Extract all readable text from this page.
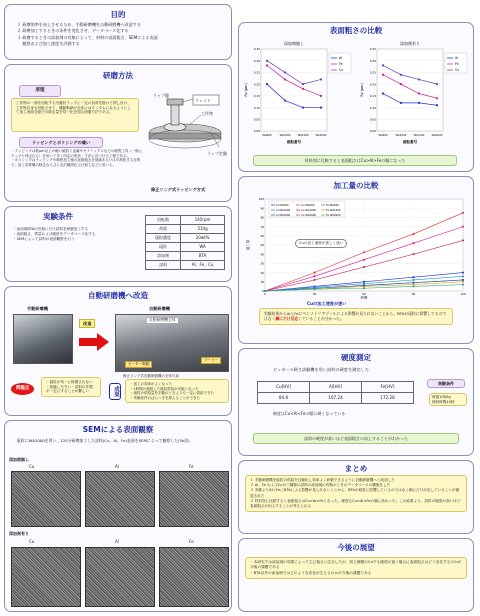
目的
１ 研磨効率を向上させるため、手動研磨機を自動研磨機へ改造する
２ 研磨加工するときの条件を変化させ、データベース化する
３ 研磨するときの添加剤の有無によって、材料の表面粗さ、SEMによる表面
　 観察および加工速度を評価する
研磨方法
原理
工作物の一面を回転する円盤状ラップに一定の負荷を掛けて押し付け、工作物自身も回転させて、運動軌跡が全体にはランダムになるようにして加工表面全面での除去量を均一化を図る研磨方法である。
ウェイト
工作物
ラップ盤
ラップ定盤
ラッピングとポリシングの違い
・ラッピングは数μm以上の硬い砥粒と金属やセラミックスなどの硬質工具（一般にラップと呼ばれる）を用いて早く所定の形状・寸法に近づける工程である。
・ポリシングはラッピングや精密加工後の表面粗さを低減あるいは平滑化する目的で、加工変質層の除去ならびに光沢鏡面仕上げ加工などに用いる。
修正リング式ラッピング方式
実験条件
・添加剤BTAの有無にだけ試料を研磨加工する
・表面粗さ、質量および硬度をデータベース化する
・SEMによって試料の表面観察を行う
回転数	145rpm
荷重	510g
砥粒濃度	20wt%
砥粒	WA
添加剤	BTA
試料	Al、Fe、Cu
自動研磨機へ改造
手動研磨機	自動研磨機
改造
自動研磨機全体
モーター駆動
プーリー
修正リング式自動研磨機の全体写真
問題点
・砥粒が均一に研磨されない
・乾燥しやすい・試料の作製が一定にすることが難しい	成果
・加工の効率がよくなった
・1時間の連続した砥粒供給が可能となった
・砥粒の供給量を手動のときよりも一定に供給できた
・実験条件のばらつきを抑えることができた
SEMによる表面観察
　砥粒にWA2000を用い、120分研磨加工した試料(Cu、Al、Fe)表面をSEMによって観察した(5k倍)
添加剤無し
Cu	Al	Fe
添加剤有り
Cu	Al	Fe
表面粗さの比較
添加剤無し
0.00
0.05
0.10
0.15
0.20
0.25
0.30
0.35
WA600	WA1000	WA1500	WA2000
砥粒番号
Ra (μm)
Al
Fe
Cu
添加剤有り
0.00
0.05
0.10
0.15
0.20
0.25
0.30
0.35
WA600	WA1000	WA1500	WA2000
砥粒番号
Ra (μm)
Al
Fe
Cu
材料別に比較すると表面粗さはCu>Al>Feの順になった
加工量の比較
0
10
20
30
40
50
60
70
80
90
100
0	30	60	90	120
加工量
時間
Al WA600	Cu WA600	Fe WA600
Al WA1000	Cu WA1000	Fe WA1000
Al WA2000	Cu WA2000	Fe WA2000
Cuの加工速度が著しく速い
Cuの加工速度が速い
実験結果からAlとFeにペンソトリアゾールによる影響が見られないことから、BTAが砥粒に影響してるのではなく銅にだけ反応していることが分かった。
硬度測定
ビッカース硬さ試験機を用い試料の硬度を測定した
Cu[HV]	Al[HV]	Fe[HV]
84.6	107.24	172.28
実験条件
荷重1000g
保持時間15秒
硬度はCu<Al<Feの順に硬くなっている
試料の硬度が高いほど表面粗さの向上することがわかった
まとめ
１ 手動研磨機を砥粒の供給を自動化し効率よく研磨できるように自動研磨機へと改造した
２ Al、Fe およびCuの三種類の試料の添加剤の有無のときのデータベースの構築をした
３ 実験よりAlとFeにBTAによる影響が見られないことから、BTAが砥粒に影響しているのではなく銅にだけ反応していることが確認された
４ 材料別に比較すると表面粗さはCu>Al>Feとなった。硬度もCu<Al<Feの順に高かった。この結果より、試料の硬度が高いほど表面粗さが向上することが考えられる
今後の展望
・本研究では添加剤の効果によって主に粗さに注目したが、同じ種類のCuでも硬度が違う場合に表面粗さはどう変化するのかが今後の課題である
・BTA以外の添加剤ではどのような変化が生じるのかが今後の課題である
